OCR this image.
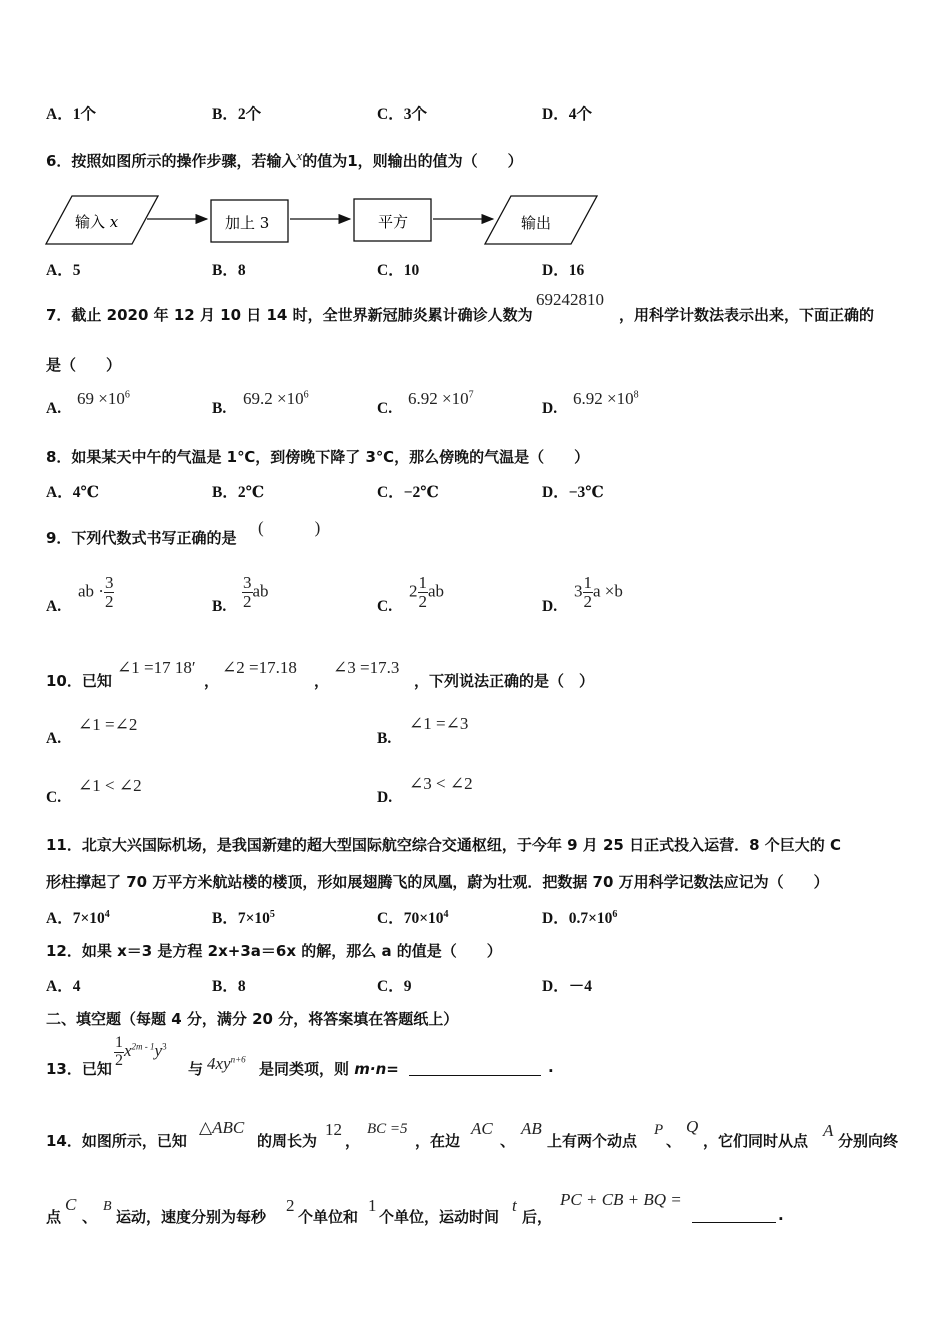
A．1个	B．2个	C．3个	D．4个
6．按照如图所示的操作步骤，若输入x的值为1，则输出的值为（　　）
输入 x	加上 3	平方	输出
A．5	B．8	C．10	D．16
7．截止 2020 年 12 月 10 日 14 时，全世界新冠肺炎累计确诊人数为
69242810
，用科学计数法表示出来，下面正确的
是（　　）
A.
$69 \times 10^6$
B.
$69.2 \times 10^6$
C.
$6.92 \times 10^7$
D.
$6.92 \times 10^8$
8．如果某天中午的气温是 1℃，到傍晚下降了 3℃，那么傍晚的气温是（　　）
A．4℃	B．2℃	C．−2℃	D．−3℃
9．下列代数式书写正确的是
(　　　)
A.
ab · $\frac{3}{2}$	B. $\frac{3}{2}$ ab
C.
$2 \frac{1}{2}$ ab
D.
$3 \frac{1}{2}$ a ×b
10．已知
∠1 =17 18′
，
∠2 =17.18
，
∠3 =17.3
，下列说法正确的是（　）
A.
∠1 =∠2
B.
∠1 =∠3
C.
∠1 < ∠2
D.
∠3 < ∠2
11．北京大兴国际机场，是我国新建的超大型国际航空综合交通枢纽，于今年 9 月 25 日正式投入运营．8 个巨大的 C
形柱撑起了 70 万平方米航站楼的楼顶，形如展翅腾飞的凤凰，蔚为壮观．把数据 70 万用科学记数法应记为（　　）
A．$7\times 10^4$	B．$7\times 10^5$	C．$70\times 10^4$	D．$0.7\times 10^6$
12．如果 x＝3 是方程 2x+3a＝6x 的解，那么 a 的值是（　　）
A．4	B．8	C．9	D．－4
二、填空题（每题 4 分，满分 20 分，将答案填在答题纸上）
13．已知 $\frac{1}{2} x^{2m - 1}y^3$
与 $4xy^{n+6}$
是同类项，则 m·n=	.
14．如图所示，已知
△ABC
的周长为
12
，
BC =5
，在边
AC
、
AB
上有两个动点
P
、
Q
，它们同时从点
A
分别向终
点
C
、
B
运动，速度分别为每秒
2
个单位和
1
个单位，运动时间
t
后，
PC + CB + BQ =
.
